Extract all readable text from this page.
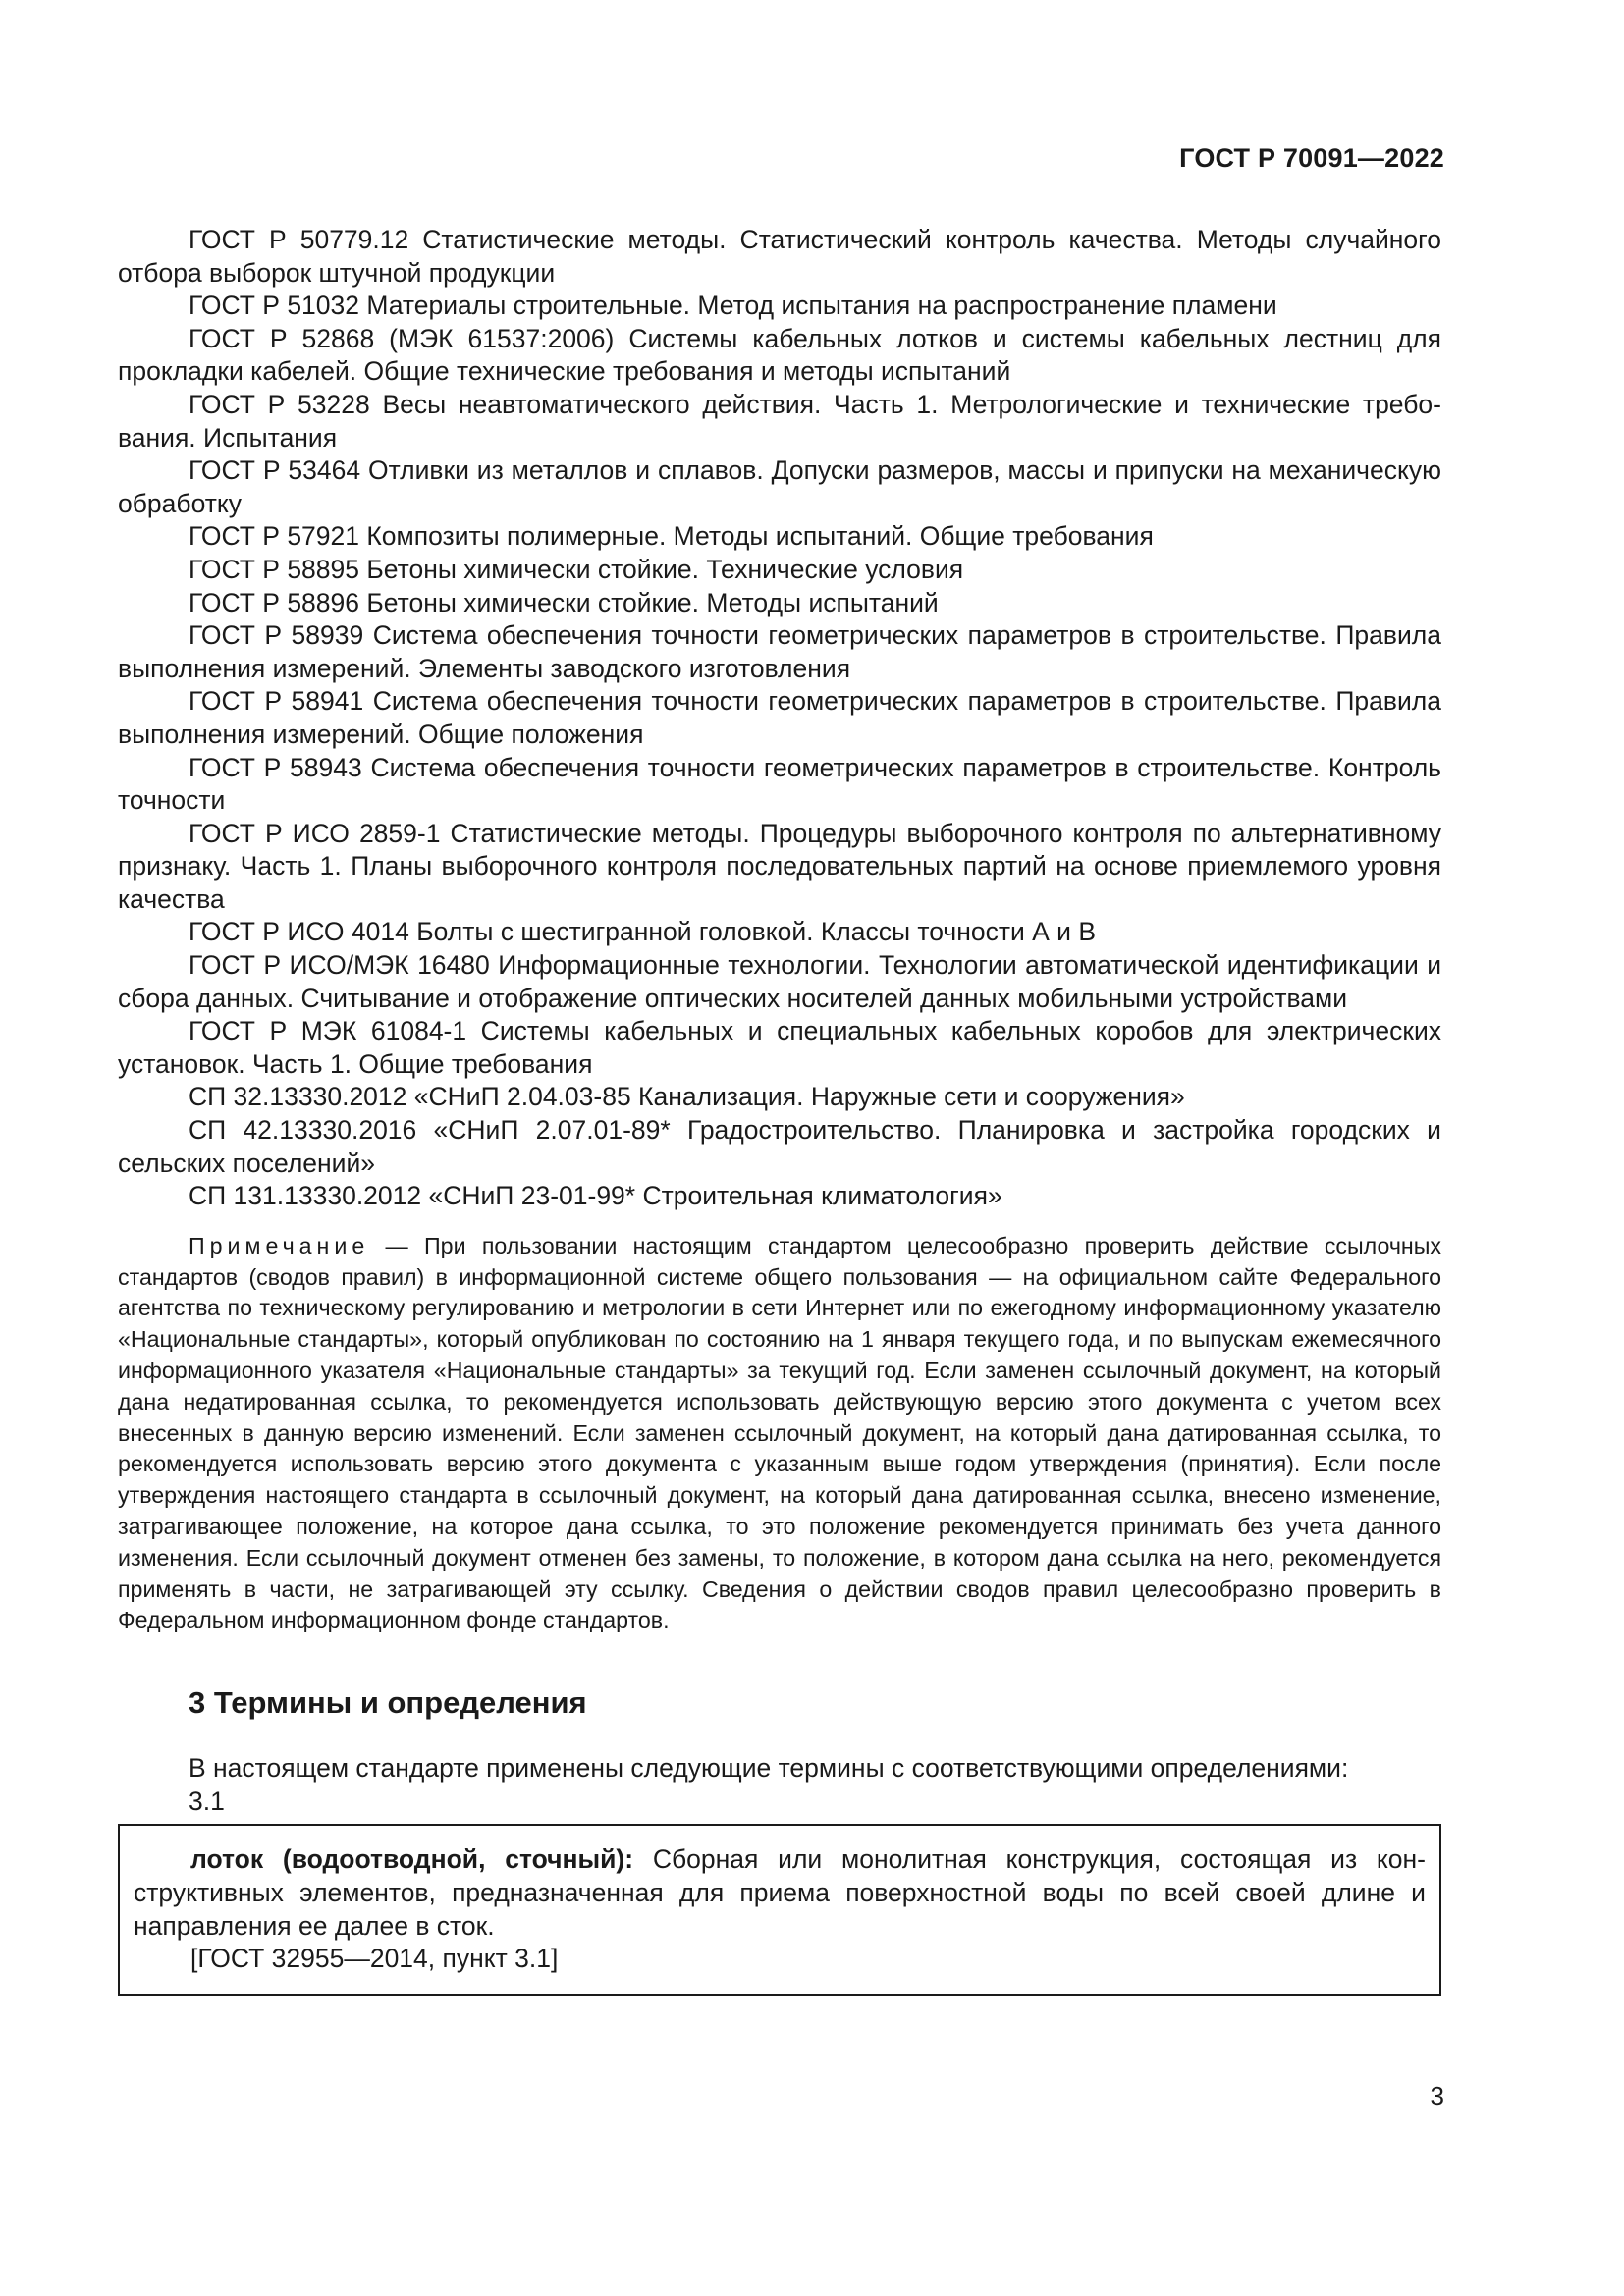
ГОСТ Р 70091—2022

ГОСТ Р 50779.12 Статистические методы. Статистический контроль качества. Методы случайного отбора выборок штучной продукции

ГОСТ Р 51032 Материалы строительные. Метод испытания на распространение пламени

ГОСТ Р 52868 (МЭК 61537:2006) Системы кабельных лотков и системы кабельных лестниц для прокладки кабелей. Общие технические требования и методы испытаний

ГОСТ Р 53228 Весы неавтоматического действия. Часть 1. Метрологические и технические требования. Испытания

ГОСТ Р 53464 Отливки из металлов и сплавов. Допуски размеров, массы и припуски на механическую обработку

ГОСТ Р 57921 Композиты полимерные. Методы испытаний. Общие требования

ГОСТ Р 58895 Бетоны химически стойкие. Технические условия

ГОСТ Р 58896 Бетоны химически стойкие. Методы испытаний

ГОСТ Р 58939 Система обеспечения точности геометрических параметров в строительстве. Правила выполнения измерений. Элементы заводского изготовления

ГОСТ Р 58941 Система обеспечения точности геометрических параметров в строительстве. Правила выполнения измерений. Общие положения

ГОСТ Р 58943 Система обеспечения точности геометрических параметров в строительстве. Контроль точности

ГОСТ Р ИСО 2859-1 Статистические методы. Процедуры выборочного контроля по альтернативному признаку. Часть 1. Планы выборочного контроля последовательных партий на основе приемлемого уровня качества

ГОСТ Р ИСО 4014 Болты с шестигранной головкой. Классы точности А и В

ГОСТ Р ИСО/МЭК 16480 Информационные технологии. Технологии автоматической идентификации и сбора данных. Считывание и отображение оптических носителей данных мобильными устройствами

ГОСТ Р МЭК 61084-1 Системы кабельных и специальных кабельных коробов для электрических установок. Часть 1. Общие требования

СП 32.13330.2012 «СНиП 2.04.03-85 Канализация. Наружные сети и сооружения»

СП 42.13330.2016 «СНиП 2.07.01-89* Градостроительство. Планировка и застройка городских и сельских поселений»

СП 131.13330.2012 «СНиП 23-01-99* Строительная климатология»

Примечание — При пользовании настоящим стандартом целесообразно проверить действие ссылочных стандартов (сводов правил) в информационной системе общего пользования — на официальном сайте Федерального агентства по техническому регулированию и метрологии в сети Интернет или по ежегодному информационному указателю «Национальные стандарты», который опубликован по состоянию на 1 января текущего года, и по выпускам ежемесячного информационного указателя «Национальные стандарты» за текущий год. Если заменен ссылочный документ, на который дана недатированная ссылка, то рекомендуется использовать действующую версию этого документа с учетом всех внесенных в данную версию изменений. Если заменен ссылочный документ, на который дана датированная ссылка, то рекомендуется использовать версию этого документа с указанным выше годом утверждения (принятия). Если после утверждения настоящего стандарта в ссылочный документ, на который дана датированная ссылка, внесено изменение, затрагивающее положение, на которое дана ссылка, то это положение рекомендуется принимать без учета данного изменения. Если ссылочный документ отменен без замены, то положение, в котором дана ссылка на него, рекомендуется применять в части, не затрагивающей эту ссылку. Сведения о действии сводов правил целесообразно проверить в Федеральном информационном фонде стандартов.

3 Термины и определения

В настоящем стандарте применены следующие термины с соответствующими определениями:

3.1

лоток (водоотводной, сточный): Сборная или монолитная конструкция, состоящая из конструктивных элементов, предназначенная для приема поверхностной воды по всей своей длине и направления ее далее в сток.

[ГОСТ 32955—2014, пункт 3.1]

3
